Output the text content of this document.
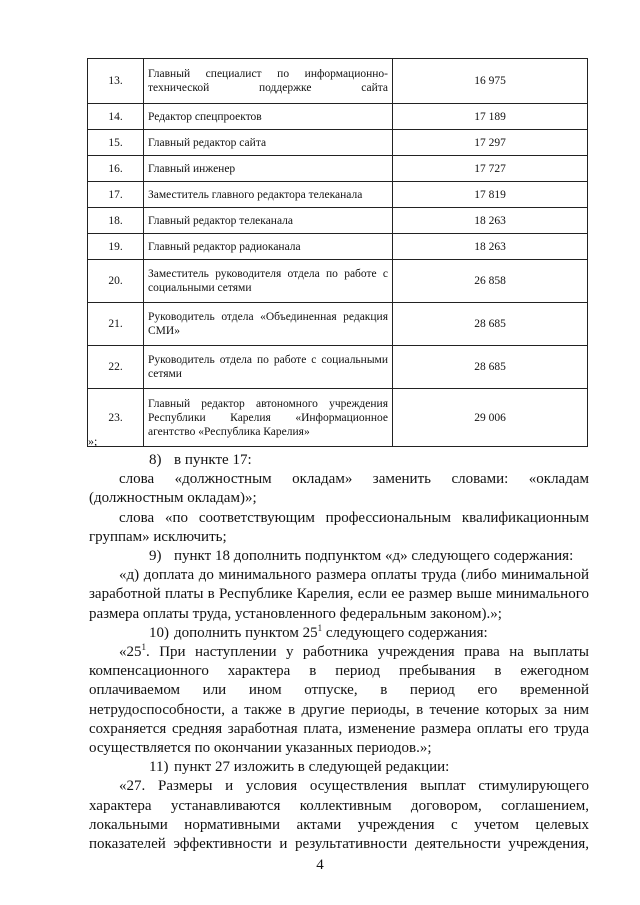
13.	Главный специалист по информационно-технической поддержке сайта	16 975
14.	Редактор спецпроектов	17 189
15.	Главный редактор сайта	17 297
16.	Главный инженер	17 727
17.	Заместитель главного редактора телеканала	17 819
18.	Главный редактор телеканала	18 263
19.	Главный редактор радиоканала	18 263
20.	Заместитель руководителя отдела по работе с социальными сетями	26 858
21.	Руководитель отдела «Объединенная редакция СМИ»	28 685
22.	Руководитель отдела по работе с социальными сетями	28 685
23.	Главный редактор автономного учреждения Республики Карелия «Информационное агентство «Республика Карелия»	29 006
»;

8) в пункте 17:

слова «должностным окладам» заменить словами: «окладам (должностным окладам)»;

слова «по соответствующим профессиональным квалификационным группам» исключить;

9) пункт 18 дополнить подпунктом «д» следующего содержания:

«д) доплата до минимального размера оплаты труда (либо минимальной заработной платы в Республике Карелия, если ее размер выше минимального размера оплаты труда, установленного федеральным законом).»;

10) дополнить пунктом $25^1$ следующего содержания:

«$25^1$. При наступлении у работника учреждения права на выплаты компенсационного характера в период пребывания в ежегодном оплачиваемом или ином отпуске, в период его временной нетрудоспособности, а также в другие периоды, в течение которых за ним сохраняется средняя заработная плата, изменение размера оплаты его труда осуществляется по окончании указанных периодов.»;

11) пункт 27 изложить в следующей редакции:

«27. Размеры и условия осуществления выплат стимулирующего характера устанавливаются коллективным договором, соглашением, локальными нормативными актами учреждения с учетом целевых показателей эффективности и результативности деятельности учреждения,

4
